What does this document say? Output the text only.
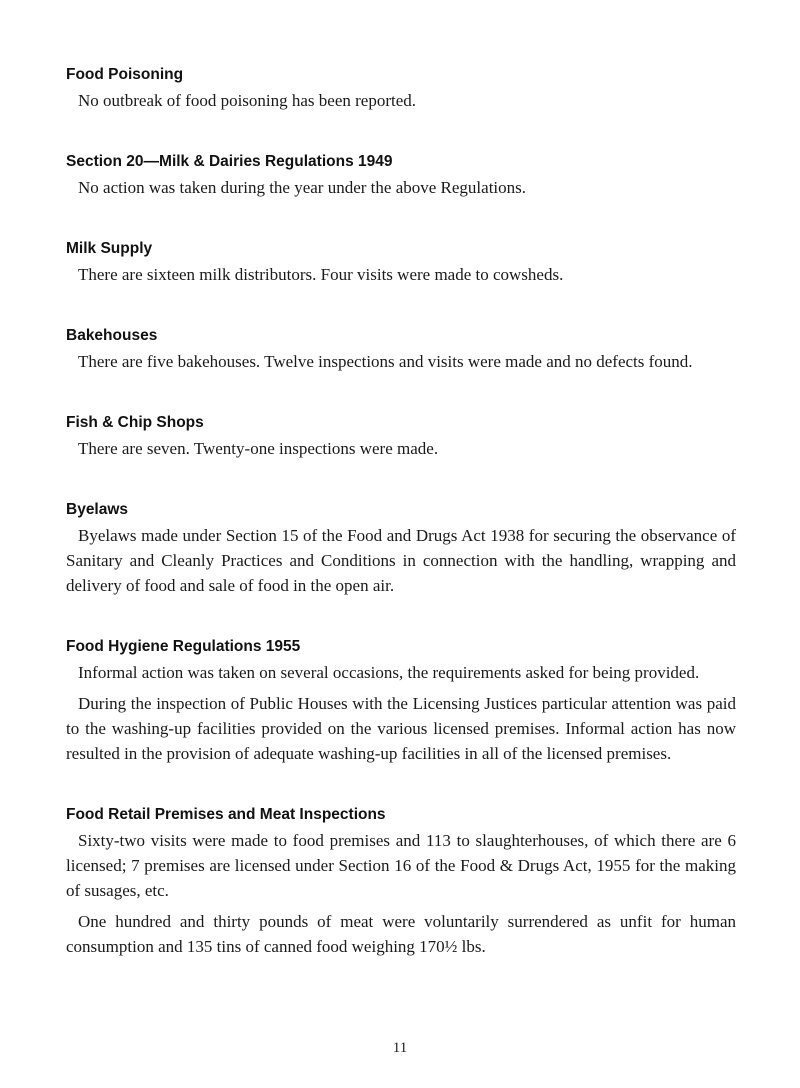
Food Poisoning

No outbreak of food poisoning has been reported.

Section 20—Milk & Dairies Regulations 1949

No action was taken during the year under the above Regulations.

Milk Supply

There are sixteen milk distributors. Four visits were made to cowsheds.

Bakehouses

There are five bakehouses. Twelve inspections and visits were made and no defects found.

Fish & Chip Shops

There are seven. Twenty-one inspections were made.

Byelaws

Byelaws made under Section 15 of the Food and Drugs Act 1938 for securing the observance of Sanitary and Cleanly Practices and Conditions in connection with the handling, wrapping and delivery of food and sale of food in the open air.

Food Hygiene Regulations 1955

Informal action was taken on several occasions, the requirements asked for being provided.

During the inspection of Public Houses with the Licensing Justices particular attention was paid to the washing-up facilities provided on the various licensed premises. Informal action has now resulted in the provision of adequate washing-up facilities in all of the licensed premises.

Food Retail Premises and Meat Inspections

Sixty-two visits were made to food premises and 113 to slaughterhouses, of which there are 6 licensed; 7 premises are licensed under Section 16 of the Food & Drugs Act, 1955 for the making of susages, etc.

One hundred and thirty pounds of meat were voluntarily surrendered as unfit for human consumption and 135 tins of canned food weighing 170½ lbs.

11
